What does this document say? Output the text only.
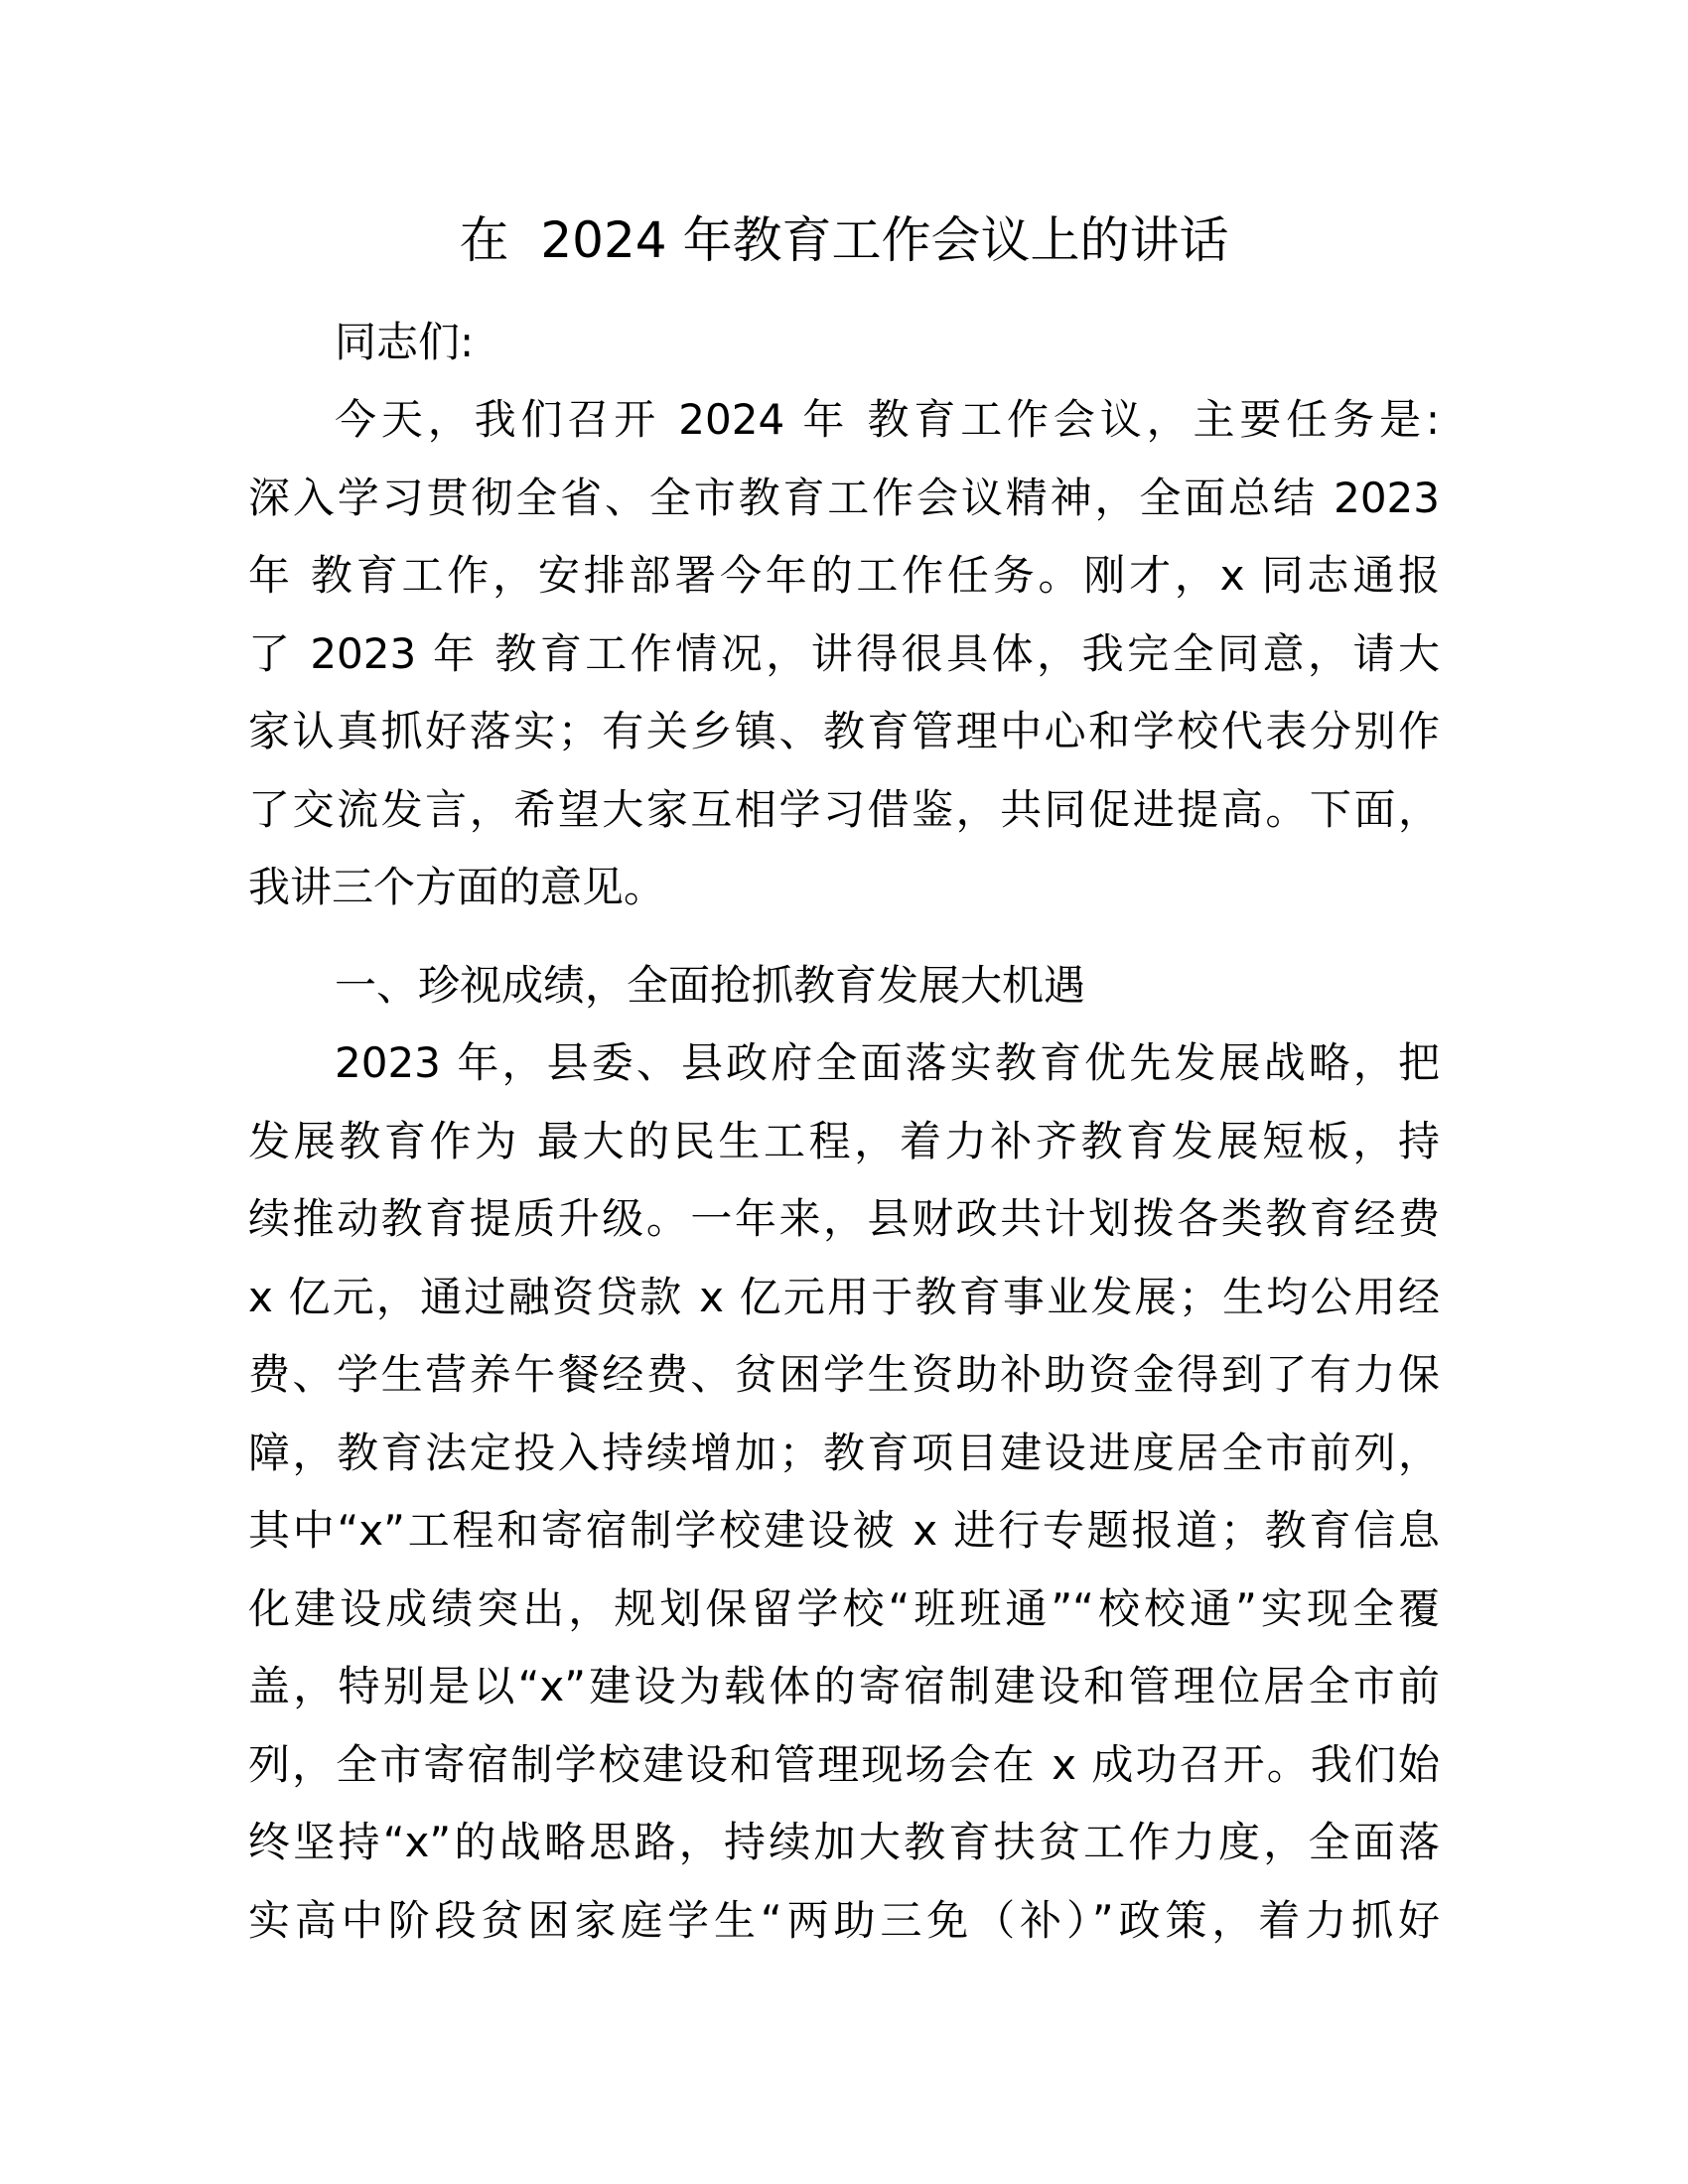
在  2024 年教育工作会议上的讲话
同志们:
今天，我们召开 2024 年 教育工作会议，主要任务是:
深入学习贯彻全省、全市教育工作会议精神，全面总结 2023
年 教育工作，安排部署今年的工作任务。刚才，x 同志通报
了 2023 年 教育工作情况，讲得很具体，我完全同意，请大
家认真抓好落实；有关乡镇、教育管理中心和学校代表分别作
了交流发言，希望大家互相学习借鉴，共同促进提高。下面，
我讲三个方面的意见。
一、珍视成绩，全面抢抓教育发展大机遇
2023 年，县委、县政府全面落实教育优先发展战略，把
发展教育作为 最大的民生工程，着力补齐教育发展短板，持
续推动教育提质升级。一年来，县财政共计划拨各类教育经费
x 亿元，通过融资贷款 x 亿元用于教育事业发展；生均公用经
费、学生营养午餐经费、贫困学生资助补助资金得到了有力保
障，教育法定投入持续增加；教育项目建设进度居全市前列，
其中“x”工程和寄宿制学校建设被 x 进行专题报道；教育信息
化建设成绩突出，规划保留学校“班班通”“校校通”实现全覆
盖，特别是以“x”建设为载体的寄宿制建设和管理位居全市前
列，全市寄宿制学校建设和管理现场会在 x 成功召开。我们始
终坚持“x”的战略思路，持续加大教育扶贫工作力度，全面落
实高中阶段贫困家庭学生“两助三免（补）”政策，着力抓好
